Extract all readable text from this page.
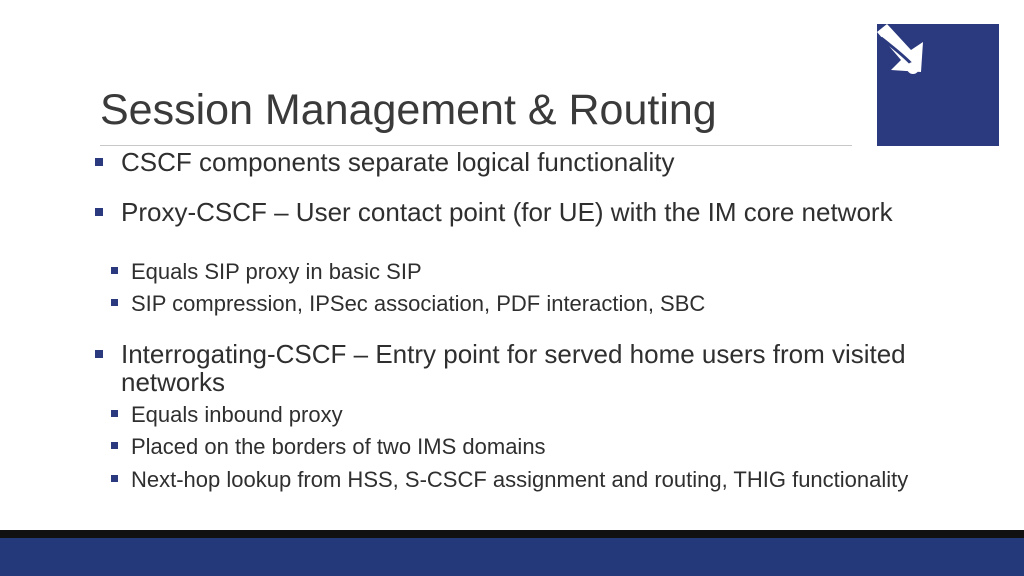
Session Management & Routing
CSCF components separate logical functionality
Proxy-CSCF – User contact point (for UE) with the IM core network
Equals SIP proxy in basic SIP
SIP compression, IPSec association, PDF interaction, SBC
Interrogating-CSCF – Entry point for served home users from visited networks
Equals inbound proxy
Placed on the borders of two IMS domains
Next-hop lookup from HSS, S-CSCF assignment and routing, THIG functionality
